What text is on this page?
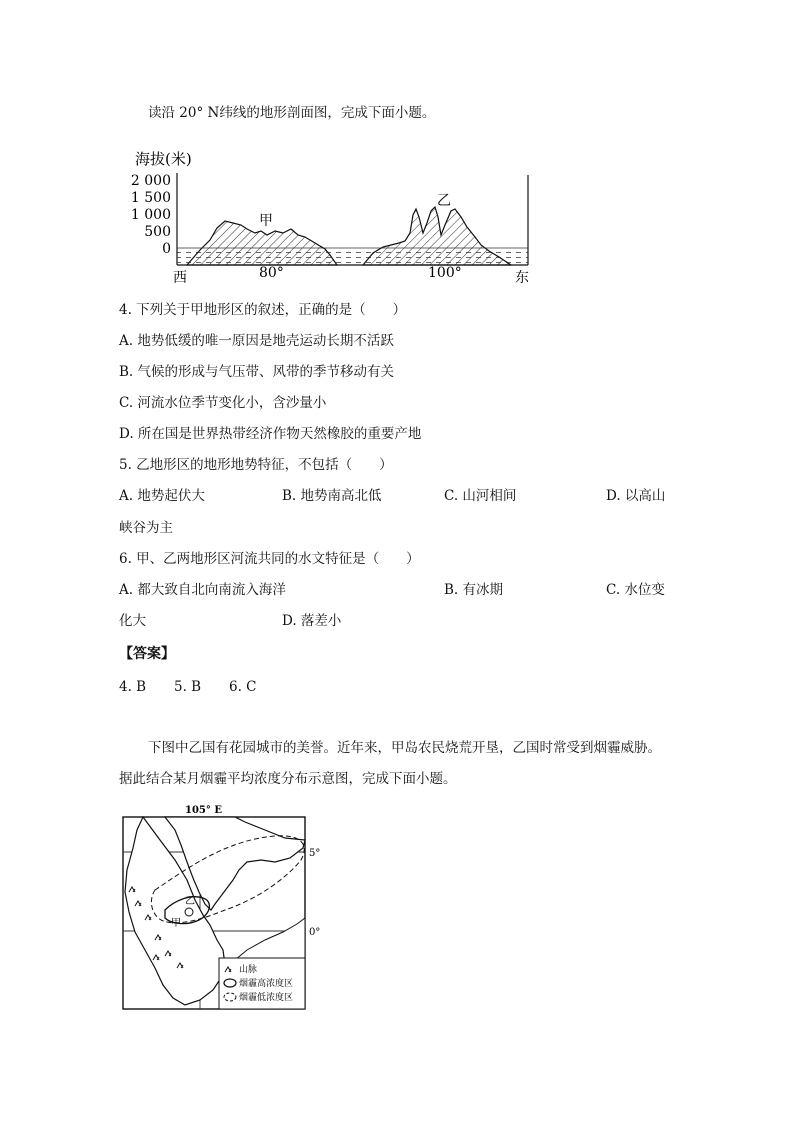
读沿 20° N纬线的地形剖面图，完成下面小题。
海拔(米)
2 000
1 500
1 000
500
0
甲
乙
西	80°	100°	东
4. 下列关于甲地形区的叙述，正确的是（　　）
A. 地势低缓的唯一原因是地壳运动长期不活跃
B. 气候的形成与气压带、风带的季节移动有关
C. 河流水位季节变化小，含沙量小
D. 所在国是世界热带经济作物天然橡胶的重要产地
5. 乙地形区的地形地势特征，不包括（　　）
A. 地势起伏大	B. 地势南高北低	C. 山河相间	D. 以高山
峡谷为主
6. 甲、乙两地形区河流共同的水文特征是（　　）
A. 都大致自北向南流入海洋	B. 有冰期	C. 水位变
化大	D. 落差小
【答案】
4. B 5. B 6. C
下图中乙国有花园城市的美誉。近年来，甲岛农民烧荒开垦，乙国时常受到烟霾威胁。
据此结合某月烟霾平均浓度分布示意图，完成下面小题。
105° E
5°
0°
甲
乙
山脉
烟霾高浓度区
烟霾低浓度区
